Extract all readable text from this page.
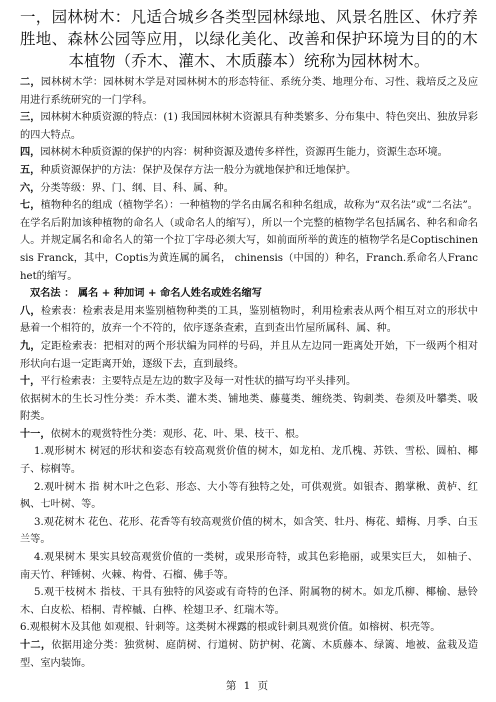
一，园林树木：凡适合城乡各类型园林绿地、风景名胜区、休疗养胜地、森林公园等应用，以绿化美化、改善和保护环境为目的的木本植物（乔木、灌木、木质藤本）统称为园林树木。

二，园林树木学：园林树木学是对园林树木的形态特征、系统分类、地理分布、习性、栽培反之及应用进行系统研究的一门学科。

三，园林树木种质资源的特点：(1) 我国园林树木资源具有种类繁多、分布集中、特色突出、独放异彩的四大特点。

四，园林树木种质资源的保护的内容：树种资源及遗传多样性，资源再生能力，资源生态环境。

五，种质资源保护的方法：保护及保存方法一般分为就地保护和迁地保护。

六，分类等级：界、门、纲、目、科、属、种。

七，植物种名的组成（植物学名）：一种植物的学名由属名和种名组成，故称为“双名法”或“二名法”。在学名后附加该种植物的命名人（或命名人的缩写），所以一个完整的植物学名包括属名、种名和命名人。并规定属名和命名人的第一个拉丁字母必须大写，如前面所举的黄连的植物学名是Coptischinensis Franck，其中，Coptis为黄连属的属名， chinensis（中国的）种名，Franch.系命名人Franchet的缩写。

双名法 ： 属名 + 种加词 + 命名人姓名或姓名缩写

八，检索表：检索表是用来鉴别植物种类的工具，鉴别植物时，利用检索表从两个相互对立的形状中悬着一个相符的，放弃一个不符的，依序逐条查索，直到查出竹屋所属科、属、种。

九，定距检索表：把相对的两个形状编为同样的号码，并且从左边同一距离处开始，下一级两个相对形状向右退一定距离开始，逐级下去，直到最终。

十，平行检索表：主要特点是左边的数字及每一对性状的描写均平头排列。

依据树木的生长习性分类：乔木类、灌木类、铺地类、藤蔓类、缠绕类、钩刺类、卷须及叶攀类、吸附类。

十一，依树木的观赏特性分类：观形、花、叶、果、枝干、根。

1.观形树木 树冠的形状和姿态有较高观赏价值的树木，如龙柏、龙爪槐、苏铁、雪松、圆柏、椰子、棕榈等。

2.观叶树木 指 树木叶之色彩、形态、大小等有独特之处，可供观赏。如银杏、鹅掌楸、黄栌、红枫、七叶树、等。

3.观花树木 花色、花形、花香等有较高观赏价值的树木，如含笑、牡丹、梅花、蜡梅、月季、白玉兰等。

4.观果树木 果实具较高观赏价值的一类树，或果形奇特，或其色彩艳丽，或果实巨大， 如柚子、南天竹、秤锤树、火棘、构骨、石榴、佛手等。

5.观干枝树木 指枝、干具有独特的风姿或有奇特的色泽、附属物的树木。如龙爪柳、椰榆、悬铃木、白皮松、梧桐、青榨槭、白桦、栓翅卫矛、红瑞木等。

6.观根树木及其他 如观根、针刺等。这类树木裸露的根或针刺具观赏价值。如榕树、枳壳等。

十二，依据用途分类：独赏树、庭荫树、行道树、防护树、花篱、木质藤本、绿篱、地被、盆栽及造型、室内装饰。

第 1 页
